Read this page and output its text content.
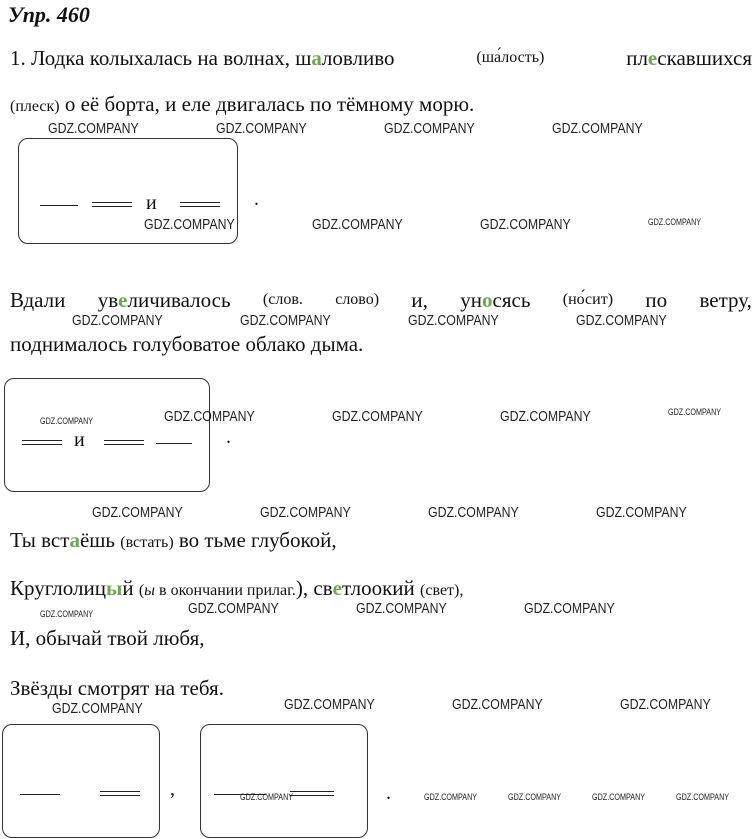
Упр. 460
1. Лодка колыхалась на волнах, шаловливо	(ша́лость)	плескавшихся
(плеск) о её борта, и еле двигалась по тёмному морю.
и	.
Вдали увеличивалось (слов. слово) и, уносясь (но́сит) по ветру,
поднималось голубоватое облако дыма.
и	.
Ты встаёшь (встать) во тьме глубокой,
Круглолицый (ы в окончании прилаг.), светлоокий (свет),
И, обычай твой любя,
Звёзды смотрят на тебя.
,	.
GDZ.COMPANY	GDZ.COMPANY	GDZ.COMPANY	GDZ.COMPANY
GDZ.COMPANY	GDZ.COMPANY	GDZ.COMPANY	GDZ.COMPANY
GDZ.COMPANY	GDZ.COMPANY	GDZ.COMPANY	GDZ.COMPANY
GDZ.COMPANY	GDZ.COMPANY	GDZ.COMPANY	GDZ.COMPANY	GDZ.COMPANY
GDZ.COMPANY	GDZ.COMPANY	GDZ.COMPANY	GDZ.COMPANY
GDZ.COMPANY	GDZ.COMPANY	GDZ.COMPANY	GDZ.COMPANY
GDZ.COMPANY	GDZ.COMPANY	GDZ.COMPANY	GDZ.COMPANY
GDZ.COMPANY	GDZ.COMPANY	GDZ.COMPANY	GDZ.COMPANY	GDZ.COMPANY
